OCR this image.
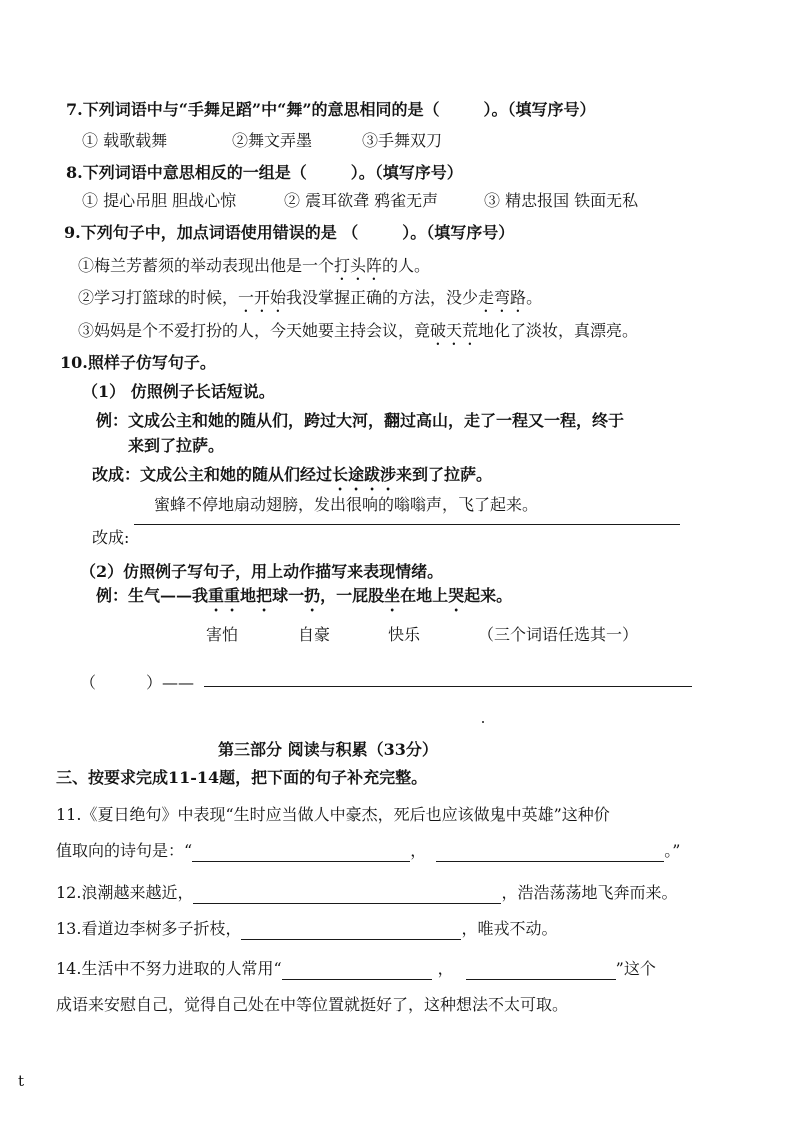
7.下列词语中与“手舞足蹈”中“舞”的意思相同的是（	）。（填写序号）
① 载歌载舞	②舞文弄墨	③手舞双刀
8.下列词语中意思相反的一组是（	）。（填写序号）
① 提心吊胆 胆战心惊	② 震耳欲聋 鸦雀无声	③ 精忠报国 铁面无私
9.下列句子中，加点词语使用错误的是 （	）。（填写序号）
①梅兰芳蓄须的举动表现出他是一个打头阵的人。
②学习打篮球的时候，一开始我没掌握正确的方法，没少走弯路。
③妈妈是个不爱打扮的人，今天她要主持会议，竟破天荒地化了淡妆，真漂亮。
10.照样子仿写句子。
（1） 仿照例子长话短说。
例：文成公主和她的随从们，跨过大河，翻过高山，走了一程又一程，终于
来到了拉萨。
改成：文成公主和她的随从们经过长途跋涉来到了拉萨。
蜜蜂不停地扇动翅膀，发出很响的嗡嗡声，飞了起来。
改成:
（2）仿照例子写句子，用上动作描写来表现情绪。
例：生气——我重重地把球一扔，一屁股坐在地上哭起来。
害怕	自豪	快乐	（三个词语任选其一）
（	）——
第三部分 阅读与积累（33分）
三、按要求完成11-14题，把下面的句子补充完整。
11.《夏日绝句》中表现“生时应当做人中豪杰，死后也应该做鬼中英雄”这种价
值取向的诗句是：“	，	。”
12.浪潮越来越近，	，浩浩荡荡地飞奔而来。
13.看道边李树多子折枝，	，唯戎不动。
14.生活中不努力进取的人常用“	，	”这个
成语来安慰自己，觉得自己处在中等位置就挺好了，这种想法不太可取。
t
